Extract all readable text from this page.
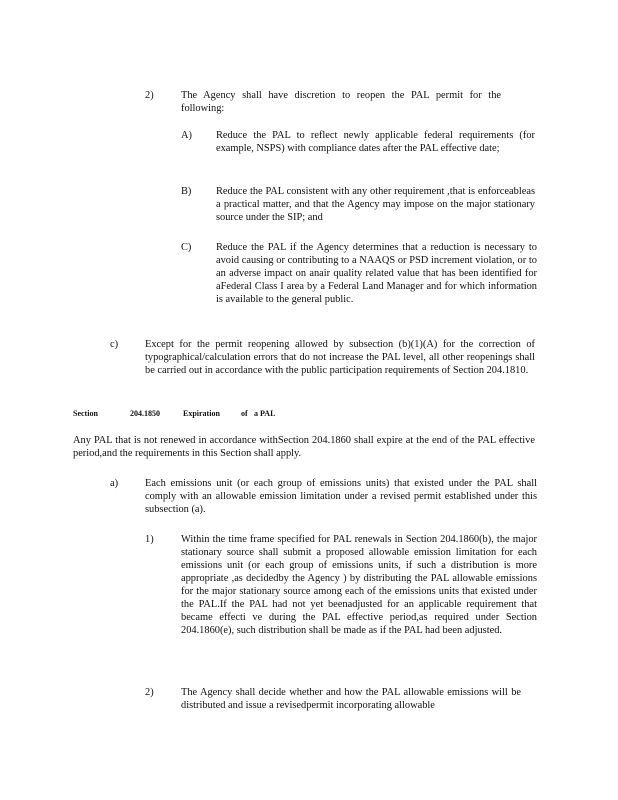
2)	The Agency shall have discretion to reopen the PAL permit for the following:
A) Reduce the PAL to reflect newly applicable federal requirements (for example, NSPS) with compliance dates after the PAL effective date;
B) Reduce the PAL consistent with any other requirement ,that is enforceableas a practical matter, and that the Agency may impose on the major stationary source under the SIP; and
C) Reduce the PAL if the Agency determines that a reduction is necessary to avoid causing or contributing to a NAAQS or PSD increment violation, or to an adverse impact on anair quality related value that has been identified for aFederal Class I area by a Federal Land Manager and for which information is available to the general public.
c)	Except for the permit reopening allowed by subsection (b)(1)(A) for the correction of typographical/calculation errors that do not increase the PAL level, all other reopenings shall be carried out in accordance with the public participation requirements of Section 204.1810.
Section	204.1850	Expiration	of a PAL
Any PAL that is not renewed in accordance withSection 204.1860 shall expire at the end of the PAL effective period,and the requirements in this Section shall apply.
a)	Each emissions unit (or each group of emissions units) that existed under the PAL shall comply with an allowable emission limitation under a revised permit established under this subsection (a).
1)	Within the time frame specified for PAL renewals in Section 204.1860(b), the major stationary source shall submit a proposed allowable emission limitation for each emissions unit (or each group of emissions units, if such a distribution is more appropriate ,as decidedby the Agency ) by distributing the PAL allowable emissions for the major stationary source among each of the emissions units that existed under the PAL.If the PAL had not yet beenadjusted for an applicable requirement that became effecti ve during the PAL effective period,as required under Section 204.1860(e), such distribution shall be made as if the PAL had been adjusted.
2)	The Agency shall decide whether and how the PAL allowable emissions will be distributed and issue a revisedpermit incorporating allowable
